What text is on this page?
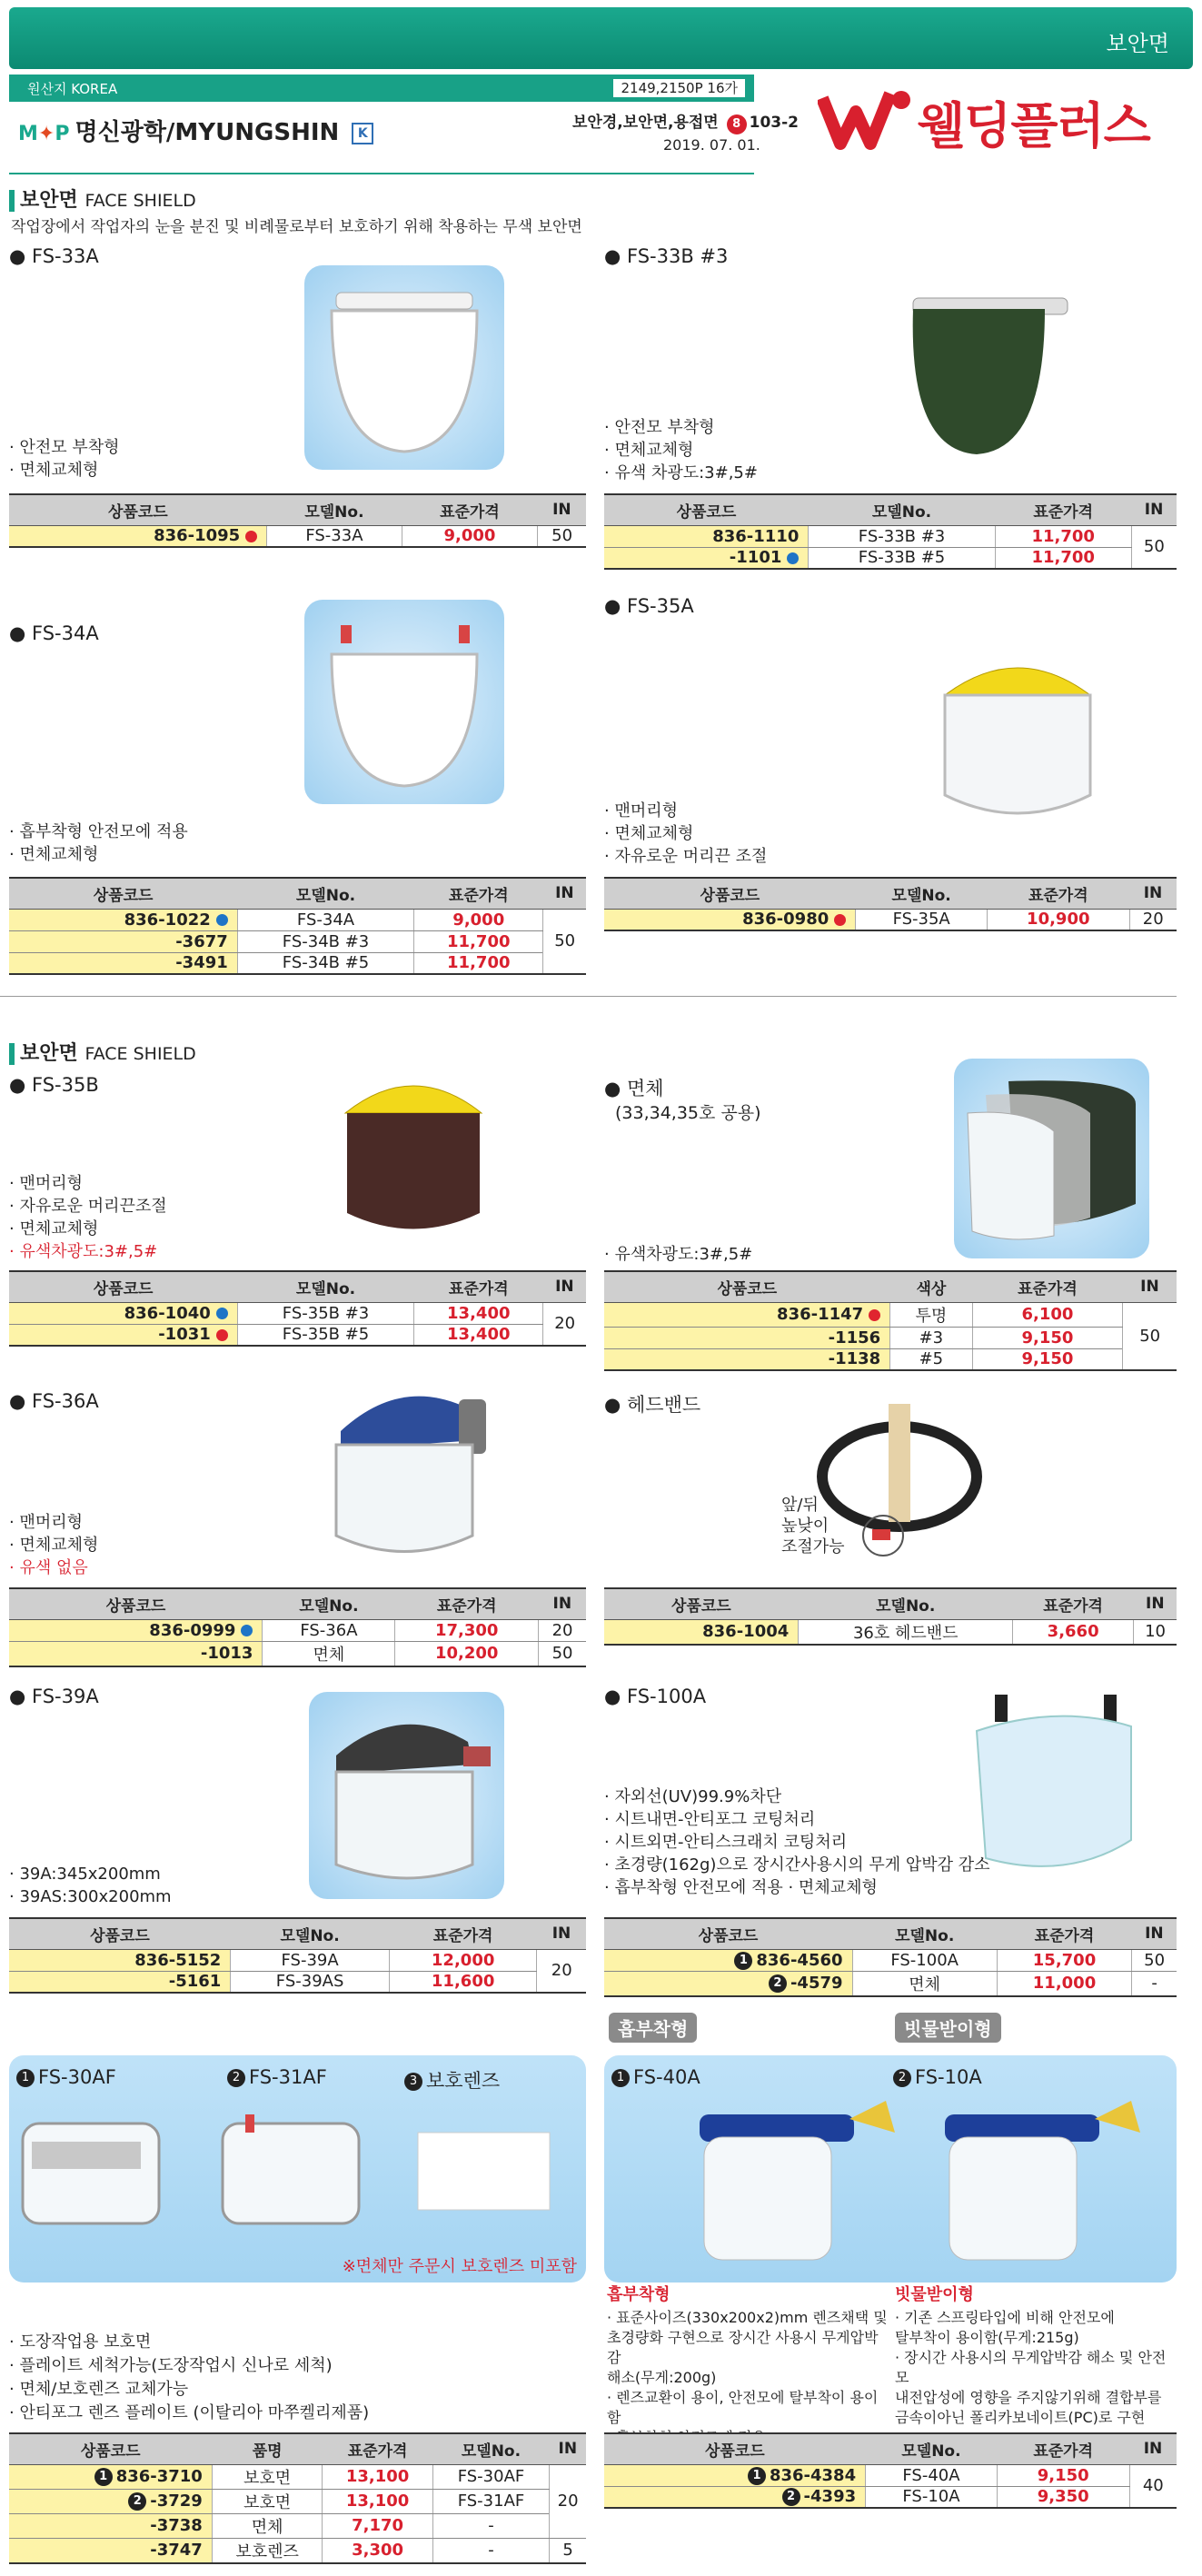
보안면
원산지 KOREA	2149,2150P 16가
M✦P 명신광학/MYUNGSHIN K
보안경,보안면,용접면 8 103-2
2019. 07. 01.	웰딩플러스
보안면 FACE SHIELD
작업장에서 작업자의 눈을 분진 및 비례물로부터 보호하기 위해 착용하는 무색 보안면
● FS-33A
· 안전모 부착형
· 면체교체형
상품코드	모델No.	표준가격	IN
836-1095	FS-33A	9,000	50
● FS-33B #3
· 안전모 부착형
· 면체교체형
· 유색 차광도:3#,5#
상품코드	모델No.	표준가격	IN
836-1110	FS-33B #3	11,700	50
-1101	FS-33B #5	11,700	
● FS-34A
· 흡부착형 안전모에 적용
· 면체교체형
상품코드	모델No.	표준가격	IN
836-1022	FS-34A	9,000	50
-3677	FS-34B #3	11,700	
-3491	FS-34B #5	11,700	
● FS-35A
· 맨머리형
· 면체교체형
· 자유로운 머리끈 조절
상품코드	모델No.	표준가격	IN
836-0980	FS-35A	10,900	20
보안면 FACE SHIELD
● FS-35B
· 맨머리형
· 자유로운 머리끈조절
· 면체교체형
· 유색차광도:3#,5#
상품코드	모델No.	표준가격	IN
836-1040	FS-35B #3	13,400	20
-1031	FS-35B #5	13,400	
● 면체
(33,34,35호 공용)
· 유색차광도:3#,5#
상품코드	색상	표준가격	IN
836-1147	투명	6,100	50
-1156	#3	9,150	
-1138	#5	9,150	
● FS-36A
· 맨머리형
· 면체교체형
· 유색 없음
상품코드	모델No.	표준가격	IN
836-0999	FS-36A	17,300	20
-1013	면체	10,200	50
● 헤드밴드
앞/뒤
높낮이
조절가능
상품코드	모델No.	표준가격	IN
836-1004	36호 헤드밴드	3,660	10
● FS-39A
· 39A:345x200mm
· 39AS:300x200mm
상품코드	모델No.	표준가격	IN
836-5152	FS-39A	12,000	20
-5161	FS-39AS	11,600	
● FS-100A
· 자외선(UV)99.9%차단
· 시트내면-안티포그 코팅처리
· 시트외면-안티스크래치 코팅처리
· 초경량(162g)으로 장시간사용시의 무게 압박감 감소
· 흡부착형 안전모에 적용 · 면체교체형
상품코드	모델No.	표준가격	IN
1 836-4560	FS-100A	15,700	50
2 -4579	면체	11,000	-
1 FS-30AF	2 FS-31AF	3 보호렌즈
※면체만 주문시 보호렌즈 미포함
· 도장작업용 보호면
· 플레이트 세척가능(도장작업시 신나로 세척)
· 면체/보호렌즈 교체가능
· 안티포그 렌즈 플레이트 (이탈리아 마쭈켈리제품)
상품코드	품명	표준가격	모델No.	IN
1 836-3710	보호면	13,100	FS-30AF	20
2 -3729	보호면	13,100	FS-31AF	
-3738	면체	7,170	-	
-3747	보호렌즈	3,300	-	5
흡부착형	빗물받이형
1 FS-40A	2 FS-10A
흡부착형	빗물받이형
· 표준사이즈(330x200x2)mm 렌즈채택 및
초경량화 구현으로 장시간 사용시 무게압박감
해소(무게:200g)
· 렌즈교환이 용이, 안전모에 탈부착이 용이함
· 기존 스프링타입에 비해 안전모에
탈부착이 용이함(무게:215g)
· 장시간 사용시의 무게압박감 해소 및 안전모
내전압성에 영향을 주지않기위해 결합부를
금속이아닌 폴리카보네이트(PC)로 구현
상품코드	모델No.	표준가격	IN
1 836-4384	FS-40A	9,150	40
2 -4393	FS-10A	9,350	
